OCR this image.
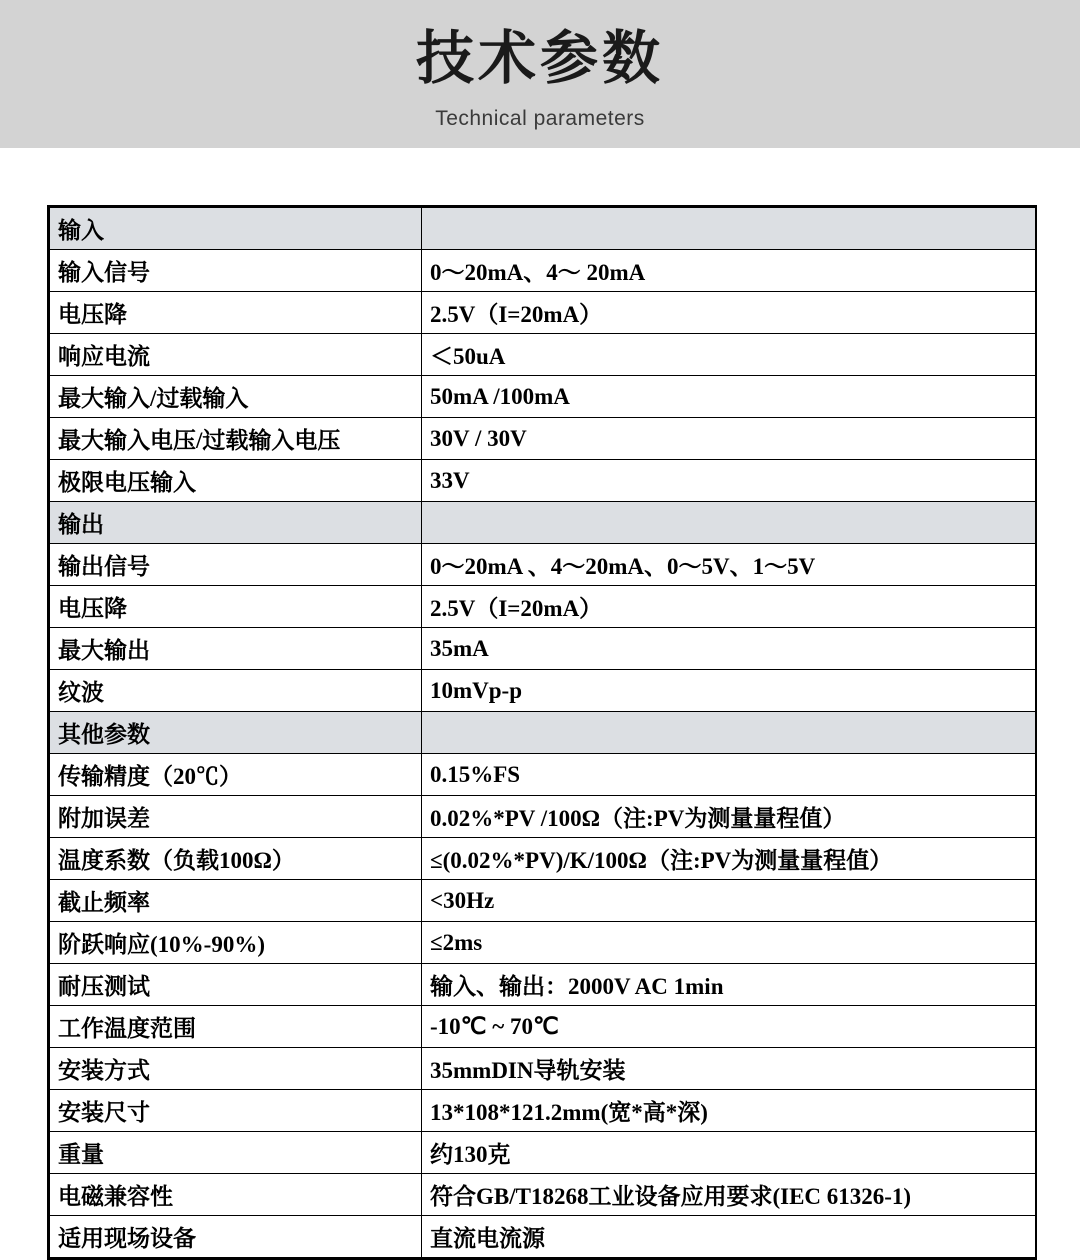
技术参数
Technical parameters
输入	
输入信号	0～20mA、4～ 20mA
电压降	2.5V（I=20mA）
响应电流	＜50uA
最大输入/过载输入	50mA /100mA
最大输入电压/过载输入电压	30V / 30V
极限电压输入	33V
输出	
输出信号	0～20mA 、4～20mA、0～5V、1～5V
电压降	2.5V（I=20mA）
最大输出	35mA
纹波	10mVp-p
其他参数	
传输精度（20℃）	0.15%FS
附加误差	0.02%*PV /100Ω（注:PV为测量量程值）
温度系数（负载100Ω）	≤(0.02%*PV)/K/100Ω（注:PV为测量量程值）
截止频率	<30Hz
阶跃响应(10%-90%)	≤2ms
耐压测试	输入、输出：2000V AC 1min
工作温度范围	-10℃ ~ 70℃
安装方式	35mmDIN导轨安装
安装尺寸	13*108*121.2mm(宽*高*深)
重量	约130克
电磁兼容性	符合GB/T18268工业设备应用要求(IEC 61326-1)
适用现场设备	直流电流源
